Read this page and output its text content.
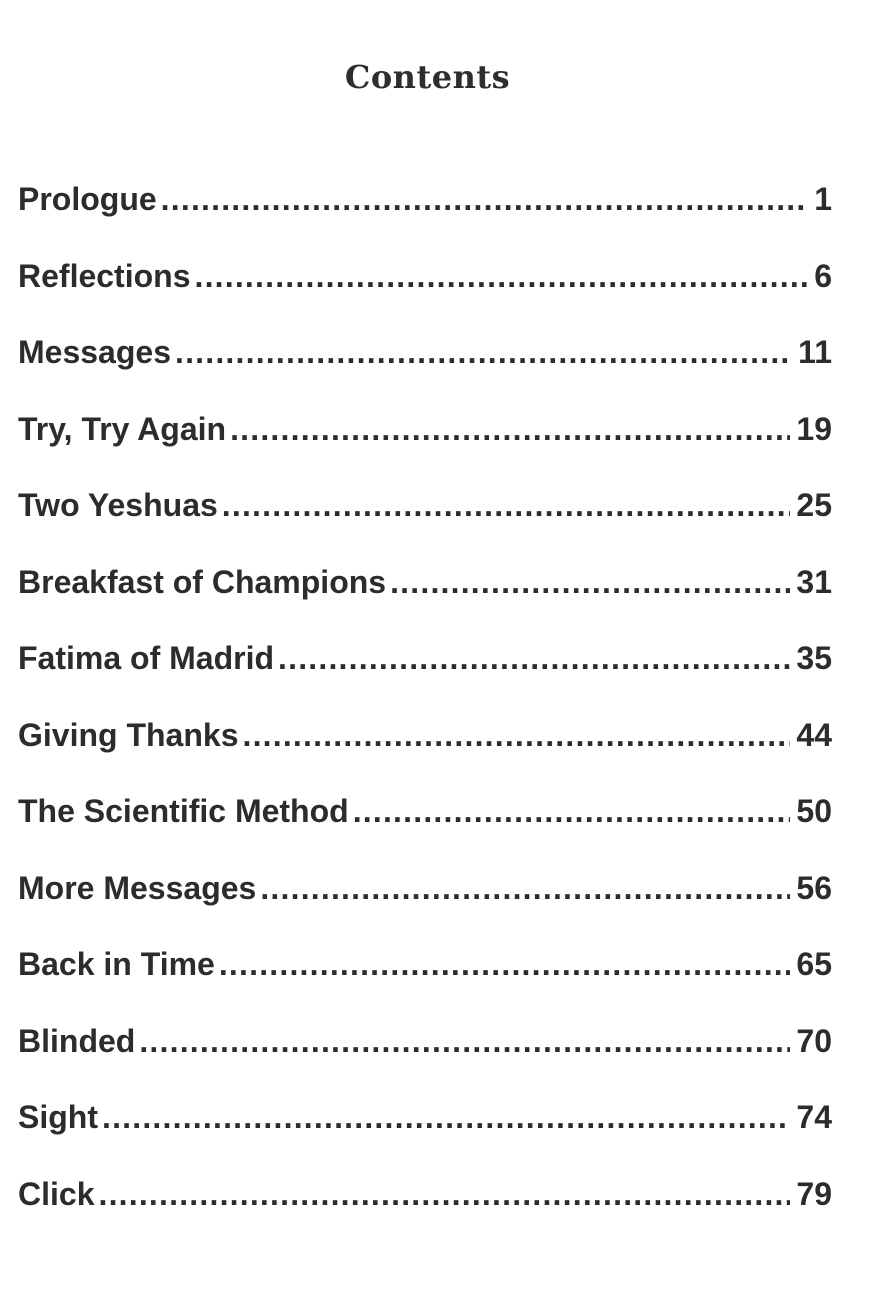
Contents
Prologue .....	1
Reflections .....	6
Messages .....	11
Try, Try Again .....	19
Two Yeshuas .....	25
Breakfast of Champions .....	31
Fatima of Madrid .....	35
Giving Thanks .....	44
The Scientific Method .....	50
More Messages .....	56
Back in Time .....	65
Blinded .....	70
Sight .....	74
Click .....	79
